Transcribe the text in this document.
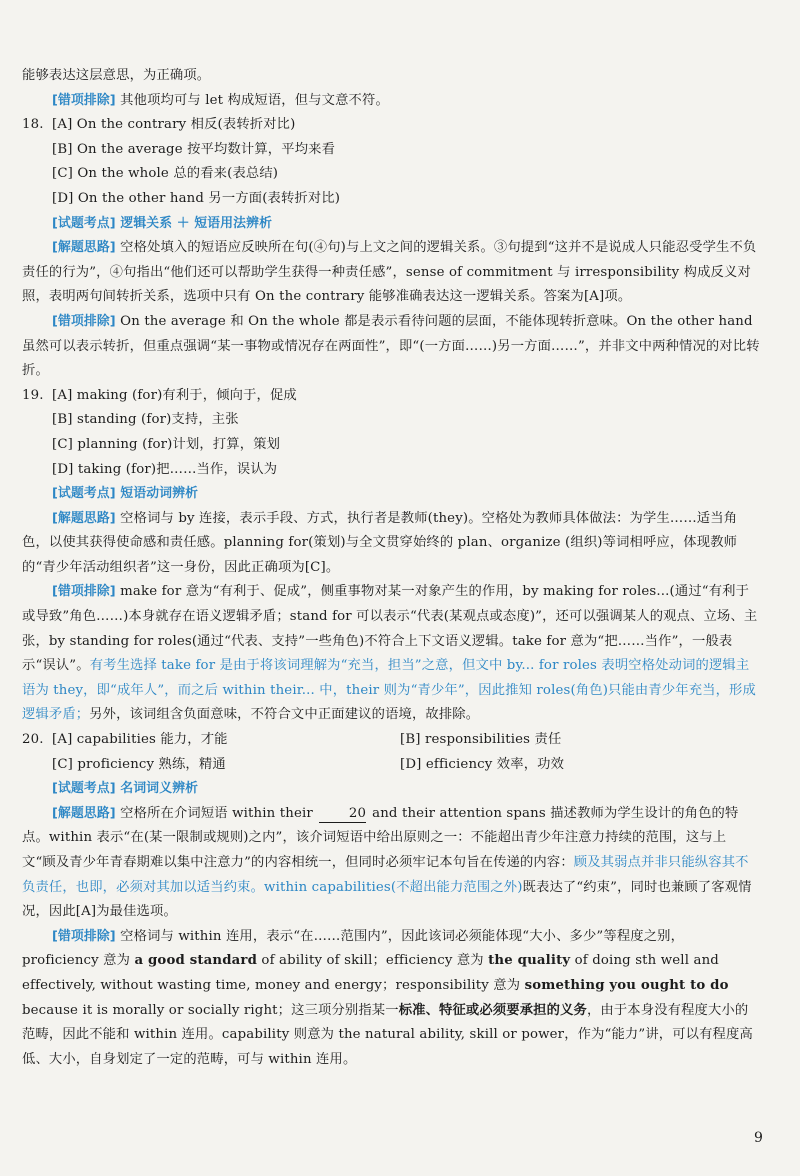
能够表达这层意思，为正确项。

[错项排除] 其他项均可与 let 构成短语，但与文意不符。

18. [A] On the contrary 相反(表转折对比)

[B] On the average 按平均数计算，平均来看

[C] On the whole 总的看来(表总结)

[D] On the other hand 另一方面(表转折对比)

[试题考点] 逻辑关系 ＋ 短语用法辨析

[解题思路] 空格处填入的短语应反映所在句(④句)与上文之间的逻辑关系。③句提到“这并不是说成人只能忍受学生不负责任的行为”，④句指出“他们还可以帮助学生获得一种责任感”，sense of commitment 与 irresponsibility 构成反义对照，表明两句间转折关系，选项中只有 On the contrary 能够准确表达这一逻辑关系。答案为[A]项。

[错项排除] On the average 和 On the whole 都是表示看待问题的层面，不能体现转折意味。On the other hand 虽然可以表示转折，但重点强调“某一事物或情况存在两面性”，即“(一方面……)另一方面……”，并非文中两种情况的对比转折。

19. [A] making (for)有利于，倾向于，促成

[B] standing (for)支持，主张

[C] planning (for)计划，打算，策划

[D] taking (for)把……当作，误认为

[试题考点] 短语动词辨析

[解题思路] 空格词与 by 连接，表示手段、方式，执行者是教师(they)。空格处为教师具体做法：为学生……适当角色，以使其获得使命感和责任感。planning for(策划)与全文贯穿始终的 plan、organize (组织)等词相呼应，体现教师的“青少年活动组织者”这一身份，因此正确项为[C]。

[错项排除] make for 意为“有利于、促成”，侧重事物对某一对象产生的作用，by making for roles...(通过“有利于或导致”角色……)本身就存在语义逻辑矛盾；stand for 可以表示“代表(某观点或态度)”，还可以强调某人的观点、立场、主张，by standing for roles(通过“代表、支持”一些角色)不符合上下文语义逻辑。take for 意为“把……当作”，一般表示“误认”。有考生选择 take for 是由于将该词理解为“充当，担当”之意，但文中 by... for roles 表明空格处动词的逻辑主语为 they，即“成年人”，而之后 within their... 中，their 则为“青少年”，因此推知 roles(角色)只能由青少年充当，形成逻辑矛盾；另外，该词组含负面意味，不符合文中正面建议的语境，故排除。

20. [A] capabilities 能力，才能	[B] responsibilities 责任
[C] proficiency 熟练，精通	[D] efficiency 效率，功效

[试题考点] 名词词义辨析

[解题思路] 空格所在介词短语 within their	20 and their attention spans 描述教师为学生设计的角色的特点。within 表示“在(某一限制或规则)之内”，该介词短语中给出原则之一：不能超出青少年注意力持续的范围，这与上文“顾及青少年青春期难以集中注意力”的内容相统一，但同时必须牢记本句旨在传递的内容：顾及其弱点并非只能纵容其不负责任，也即，必须对其加以适当约束。within capabilities(不超出能力范围之外)既表达了“约束”，同时也兼顾了客观情况，因此[A]为最佳选项。

[错项排除] 空格词与 within 连用，表示“在……范围内”，因此该词必须能体现“大小、多少”等程度之别，proficiency 意为 a good standard of ability of skill；efficiency 意为 the quality of doing sth well and effectively, without wasting time, money and energy；responsibility 意为 something you ought to do because it is morally or socially right；这三项分别指某一标准、特征或必须要承担的义务，由于本身没有程度大小的范畴，因此不能和 within 连用。capability 则意为 the natural ability, skill or power，作为“能力”讲，可以有程度高低、大小，自身划定了一定的范畴，可与 within 连用。

9
